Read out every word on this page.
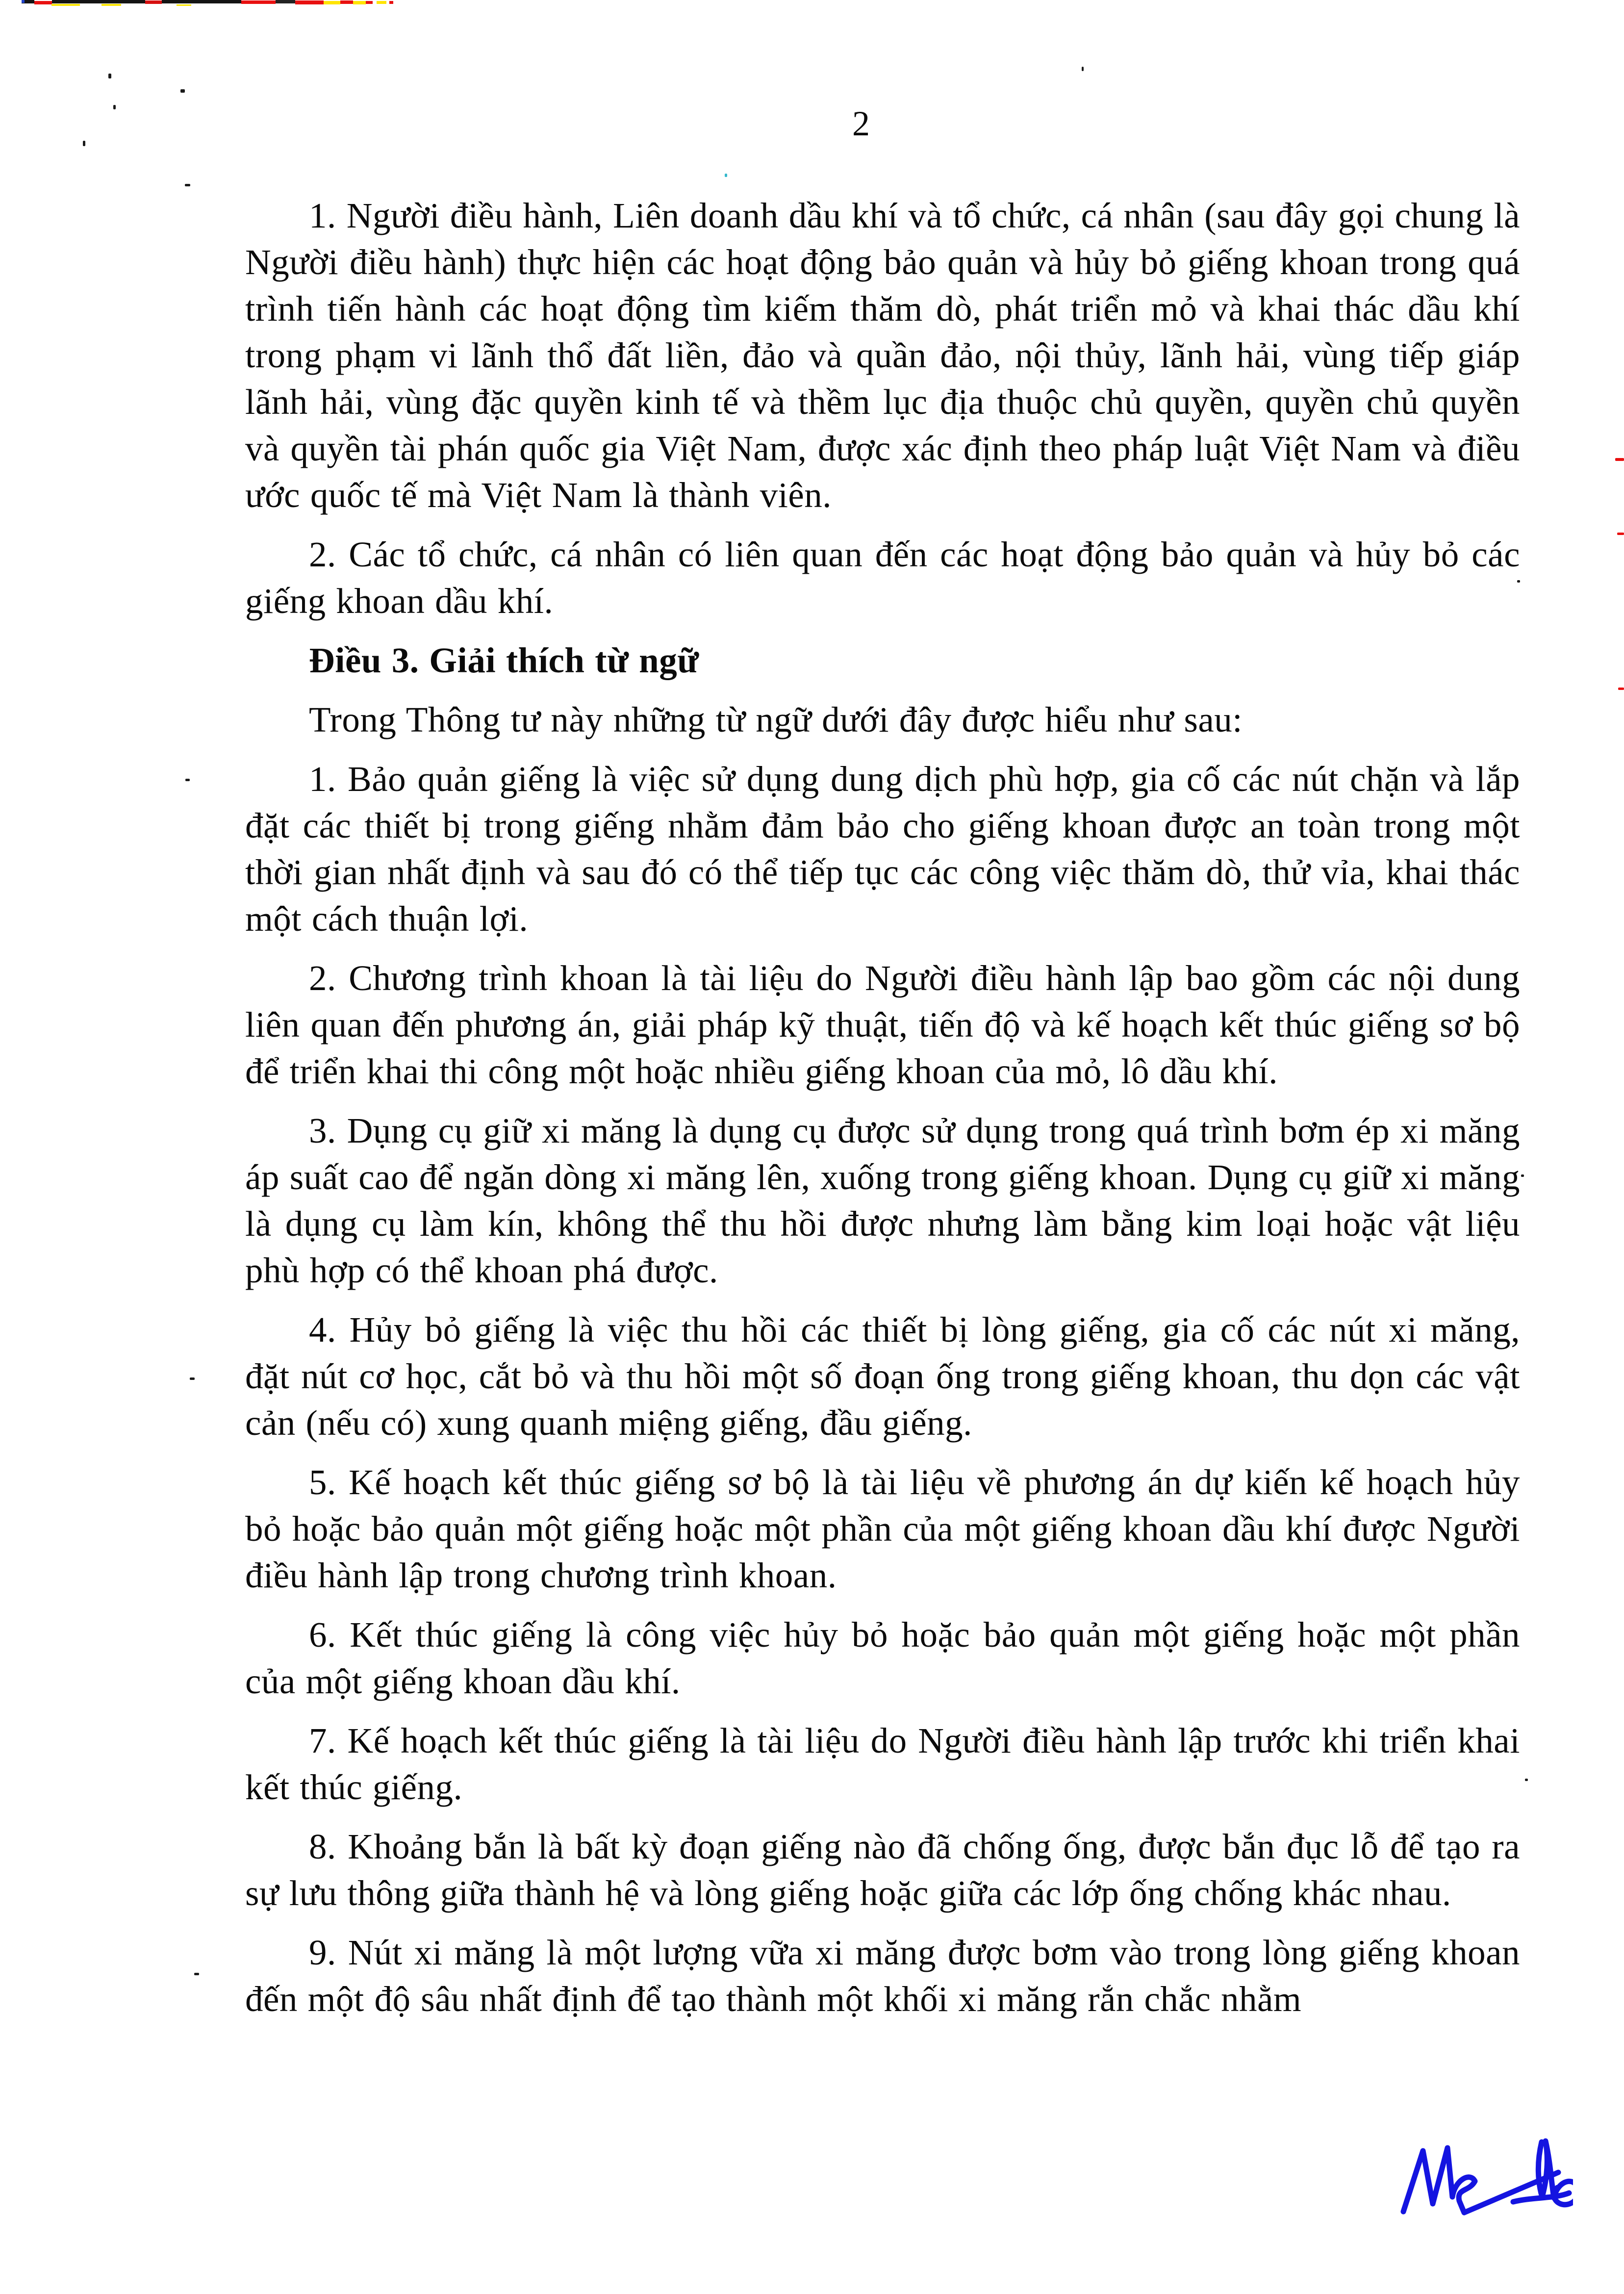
2

1. Người điều hành, Liên doanh dầu khí và tổ chức, cá nhân (sau đây gọi chung là Người điều hành) thực hiện các hoạt động bảo quản và hủy bỏ giếng khoan trong quá trình tiến hành các hoạt động tìm kiếm thăm dò, phát triển mỏ và khai thác dầu khí trong phạm vi lãnh thổ đất liền, đảo và quần đảo, nội thủy, lãnh hải, vùng tiếp giáp lãnh hải, vùng đặc quyền kinh tế và thềm lục địa thuộc chủ quyền, quyền chủ quyền và quyền tài phán quốc gia Việt Nam, được xác định theo pháp luật Việt Nam và điều ước quốc tế mà Việt Nam là thành viên.

2. Các tổ chức, cá nhân có liên quan đến các hoạt động bảo quản và hủy bỏ các giếng khoan dầu khí.

Điều 3. Giải thích từ ngữ

Trong Thông tư này những từ ngữ dưới đây được hiểu như sau:

1. Bảo quản giếng là việc sử dụng dung dịch phù hợp, gia cố các nút chặn và lắp đặt các thiết bị trong giếng nhằm đảm bảo cho giếng khoan được an toàn trong một thời gian nhất định và sau đó có thể tiếp tục các công việc thăm dò, thử vỉa, khai thác một cách thuận lợi.

2. Chương trình khoan là tài liệu do Người điều hành lập bao gồm các nội dung liên quan đến phương án, giải pháp kỹ thuật, tiến độ và kế hoạch kết thúc giếng sơ bộ để triển khai thi công một hoặc nhiều giếng khoan của mỏ, lô dầu khí.

3. Dụng cụ giữ xi măng là dụng cụ được sử dụng trong quá trình bơm ép xi măng áp suất cao để ngăn dòng xi măng lên, xuống trong giếng khoan. Dụng cụ giữ xi măng là dụng cụ làm kín, không thể thu hồi được nhưng làm bằng kim loại hoặc vật liệu phù hợp có thể khoan phá được.

4. Hủy bỏ giếng là việc thu hồi các thiết bị lòng giếng, gia cố các nút xi măng, đặt nút cơ học, cắt bỏ và thu hồi một số đoạn ống trong giếng khoan, thu dọn các vật cản (nếu có) xung quanh miệng giếng, đầu giếng.

5. Kế hoạch kết thúc giếng sơ bộ là tài liệu về phương án dự kiến kế hoạch hủy bỏ hoặc bảo quản một giếng hoặc một phần của một giếng khoan dầu khí được Người điều hành lập trong chương trình khoan.

6. Kết thúc giếng là công việc hủy bỏ hoặc bảo quản một giếng hoặc một phần của một giếng khoan dầu khí.

7. Kế hoạch kết thúc giếng là tài liệu do Người điều hành lập trước khi triển khai kết thúc giếng.

8. Khoảng bắn là bất kỳ đoạn giếng nào đã chống ống, được bắn đục lỗ để tạo ra sự lưu thông giữa thành hệ và lòng giếng hoặc giữa các lớp ống chống khác nhau.

9. Nút xi măng là một lượng vữa xi măng được bơm vào trong lòng giếng khoan đến một độ sâu nhất định để tạo thành một khối xi măng rắn chắc nhằm
